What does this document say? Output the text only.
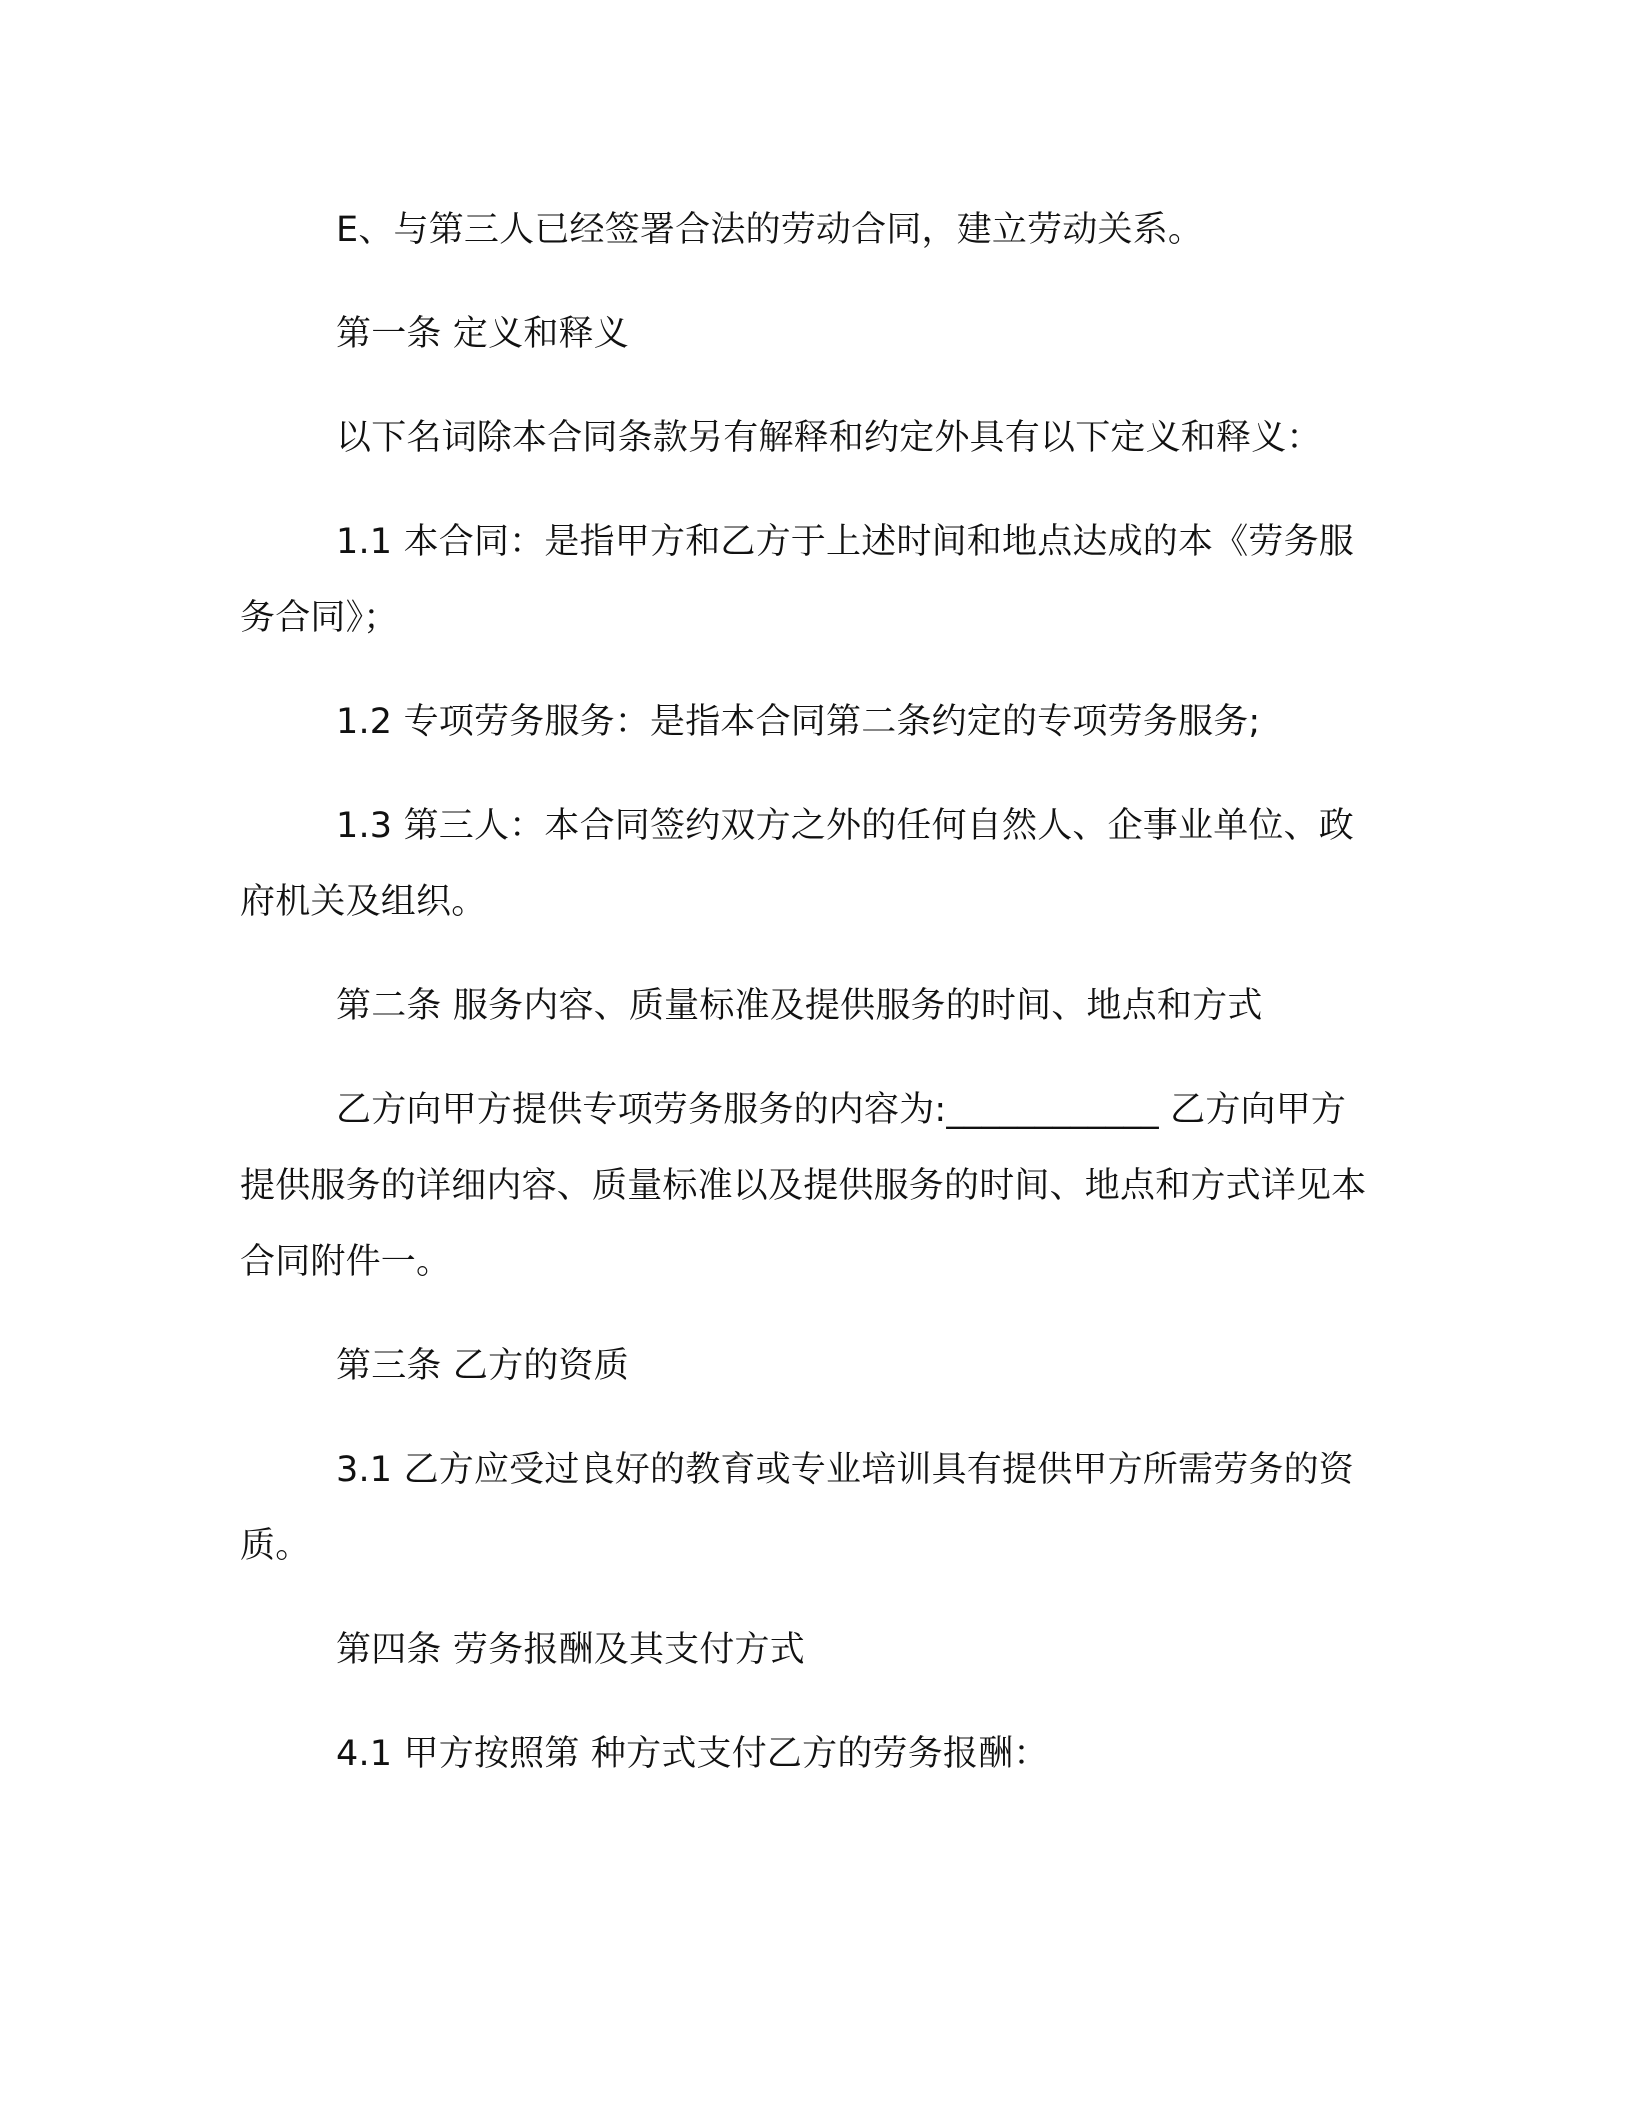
E、与第三人已经签署合法的劳动合同，建立劳动关系。

第一条 定义和释义

以下名词除本合同条款另有解释和约定外具有以下定义和释义：

1.1 本合同：是指甲方和乙方于上述时间和地点达成的本《劳务服务合同》；

1.2 专项劳务服务：是指本合同第二条约定的专项劳务服务;

1.3 第三人：本合同签约双方之外的任何自然人、企事业单位、政府机关及组织。

第二条 服务内容、质量标准及提供服务的时间、地点和方式

乙方向甲方提供专项劳务服务的内容为:____________ 乙方向甲方提供服务的详细内容、质量标准以及提供服务的时间、地点和方式详见本合同附件一。

第三条 乙方的资质

3.1 乙方应受过良好的教育或专业培训具有提供甲方所需劳务的资质。

第四条 劳务报酬及其支付方式

4.1 甲方按照第 种方式支付乙方的劳务报酬：
